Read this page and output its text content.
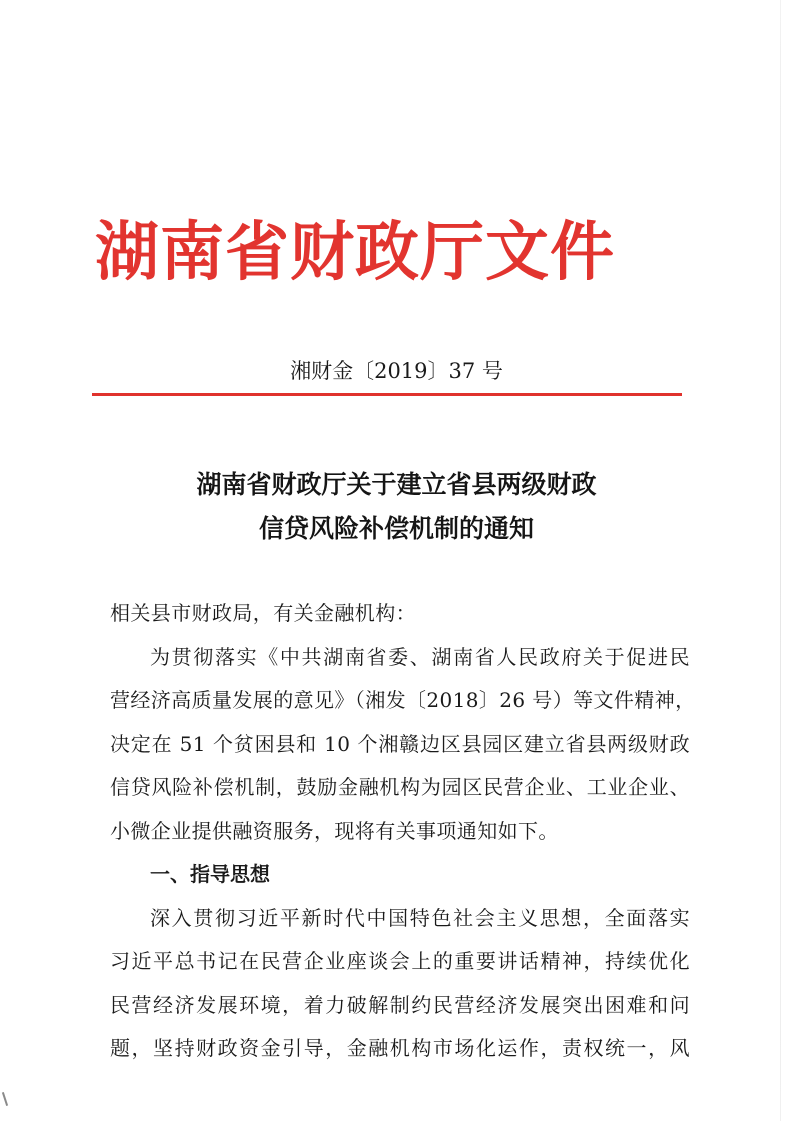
湖南省财政厅文件
湘财金〔2019〕37 号
湖南省财政厅关于建立省县两级财政
信贷风险补偿机制的通知
相关县市财政局，有关金融机构：
为贯彻落实《中共湖南省委、湖南省人民政府关于促进民
营经济高质量发展的意见》（湘发〔2018〕26 号）等文件精神，
决定在 51 个贫困县和 10 个湘赣边区县园区建立省县两级财政
信贷风险补偿机制，鼓励金融机构为园区民营企业、工业企业、
小微企业提供融资服务，现将有关事项通知如下。
一、指导思想
深入贯彻习近平新时代中国特色社会主义思想，全面落实
习近平总书记在民营企业座谈会上的重要讲话精神，持续优化
民营经济发展环境，着力破解制约民营经济发展突出困难和问
题，坚持财政资金引导，金融机构市场化运作，责权统一，风
